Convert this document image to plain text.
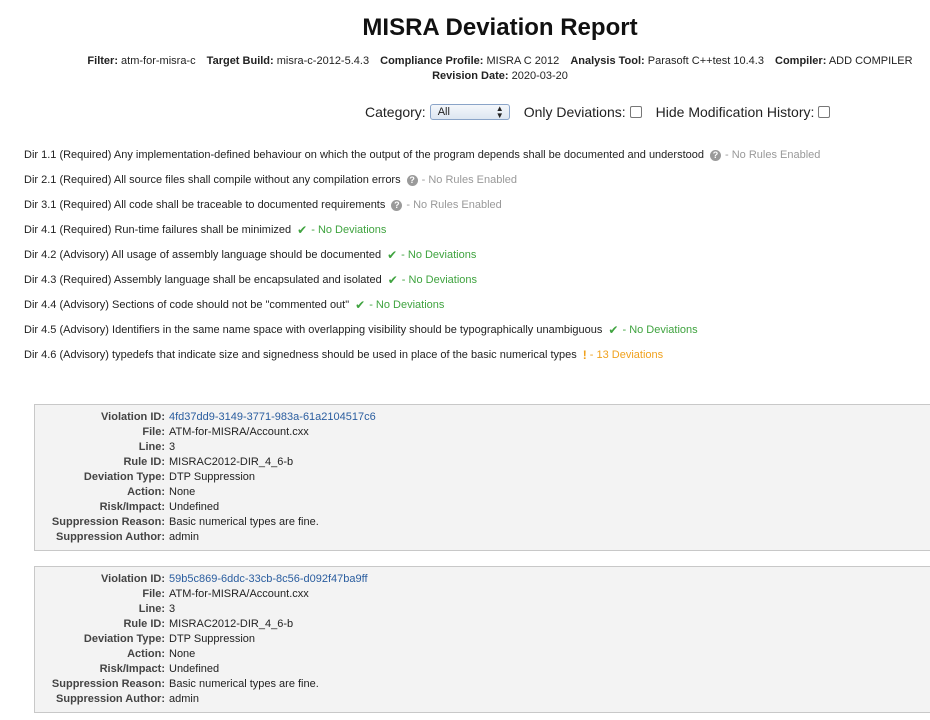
MISRA Deviation Report
Filter: atm-for-misra-c Target Build: misra-c-2012-5.4.3 Compliance Profile: MISRA C 2012 Analysis Tool: Parasoft C++test 10.4.3 Compiler: ADD COMPILER
Revision Date: 2020-03-20
Category: All	▲
▼ Only Deviations: Hide Modification History:
Dir 1.1 (Required) Any implementation-defined behaviour on which the output of the program depends shall be documented and understood ? - No Rules Enabled
Dir 2.1 (Required) All source files shall compile without any compilation errors ? - No Rules Enabled
Dir 3.1 (Required) All code shall be traceable to documented requirements ? - No Rules Enabled
Dir 4.1 (Required) Run-time failures shall be minimized ✔ - No Deviations
Dir 4.2 (Advisory) All usage of assembly language should be documented ✔ - No Deviations
Dir 4.3 (Required) Assembly language shall be encapsulated and isolated ✔ - No Deviations
Dir 4.4 (Advisory) Sections of code should not be "commented out" ✔ - No Deviations
Dir 4.5 (Advisory) Identifiers in the same name space with overlapping visibility should be typographically unambiguous ✔ - No Deviations
Dir 4.6 (Advisory) typedefs that indicate size and signedness should be used in place of the basic numerical types ! - 13 Deviations
Violation ID: 4fd37dd9-3149-3771-983a-61a2104517c6
File: ATM-for-MISRA/Account.cxx
Line: 3
Rule ID: MISRAC2012-DIR_4_6-b
Deviation Type: DTP Suppression
Action: None
Risk/Impact: Undefined
Suppression Reason: Basic numerical types are fine.
Suppression Author: admin
Violation ID: 59b5c869-6ddc-33cb-8c56-d092f47ba9ff
File: ATM-for-MISRA/Account.cxx
Line: 3
Rule ID: MISRAC2012-DIR_4_6-b
Deviation Type: DTP Suppression
Action: None
Risk/Impact: Undefined
Suppression Reason: Basic numerical types are fine.
Suppression Author: admin
